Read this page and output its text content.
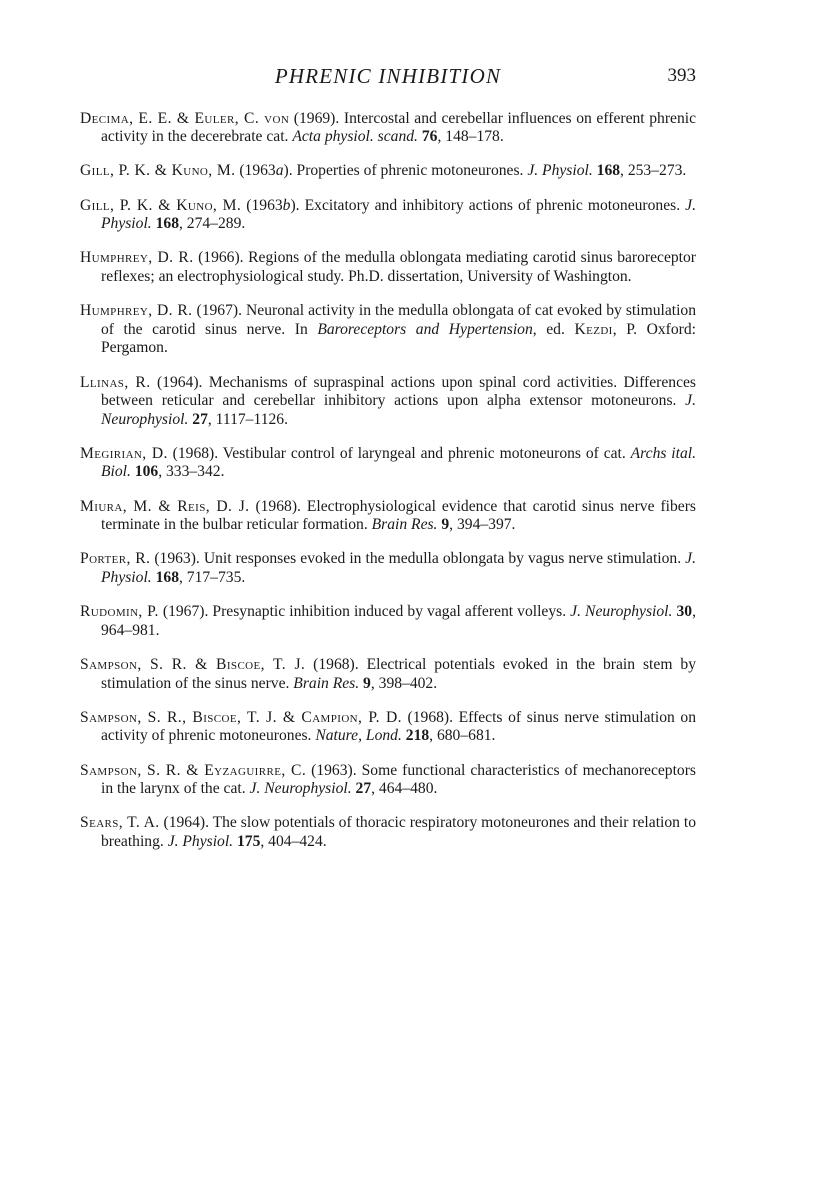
PHRENIC INHIBITION	393

Decima, E. E. & Euler, C. von (1969). Intercostal and cerebellar influences on efferent phrenic activity in the decerebrate cat. Acta physiol. scand. 76, 148–178.

Gill, P. K. & Kuno, M. (1963a). Properties of phrenic motoneurones. J. Physiol. 168, 253–273.

Gill, P. K. & Kuno, M. (1963b). Excitatory and inhibitory actions of phrenic motoneurones. J. Physiol. 168, 274–289.

Humphrey, D. R. (1966). Regions of the medulla oblongata mediating carotid sinus baroreceptor reflexes; an electrophysiological study. Ph.D. dissertation, University of Washington.

Humphrey, D. R. (1967). Neuronal activity in the medulla oblongata of cat evoked by stimulation of the carotid sinus nerve. In Baroreceptors and Hypertension, ed. Kezdi, P. Oxford: Pergamon.

Llinas, R. (1964). Mechanisms of supraspinal actions upon spinal cord activities. Differences between reticular and cerebellar inhibitory actions upon alpha extensor motoneurons. J. Neurophysiol. 27, 1117–1126.

Megirian, D. (1968). Vestibular control of laryngeal and phrenic motoneurons of cat. Archs ital. Biol. 106, 333–342.

Miura, M. & Reis, D. J. (1968). Electrophysiological evidence that carotid sinus nerve fibers terminate in the bulbar reticular formation. Brain Res. 9, 394–397.

Porter, R. (1963). Unit responses evoked in the medulla oblongata by vagus nerve stimulation. J. Physiol. 168, 717–735.

Rudomin, P. (1967). Presynaptic inhibition induced by vagal afferent volleys. J. Neurophysiol. 30, 964–981.

Sampson, S. R. & Biscoe, T. J. (1968). Electrical potentials evoked in the brain stem by stimulation of the sinus nerve. Brain Res. 9, 398–402.

Sampson, S. R., Biscoe, T. J. & Campion, P. D. (1968). Effects of sinus nerve stimulation on activity of phrenic motoneurones. Nature, Lond. 218, 680–681.

Sampson, S. R. & Eyzaguirre, C. (1963). Some functional characteristics of mechanoreceptors in the larynx of the cat. J. Neurophysiol. 27, 464–480.

Sears, T. A. (1964). The slow potentials of thoracic respiratory motoneurones and their relation to breathing. J. Physiol. 175, 404–424.
